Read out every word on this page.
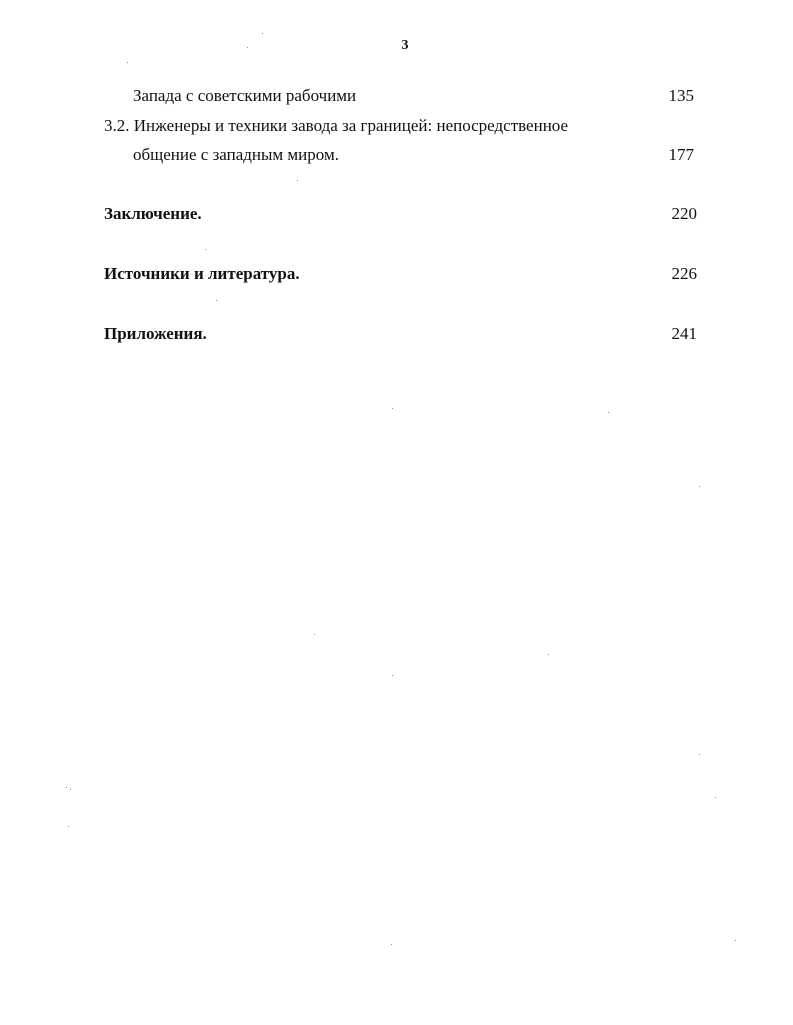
3
Запада с советскими рабочими	135
3.2. Инженеры и техники завода за границей: непосредственное
общение с западным миром.	177
Заключение.	220
Источники и литература.	226
Приложения.	241
